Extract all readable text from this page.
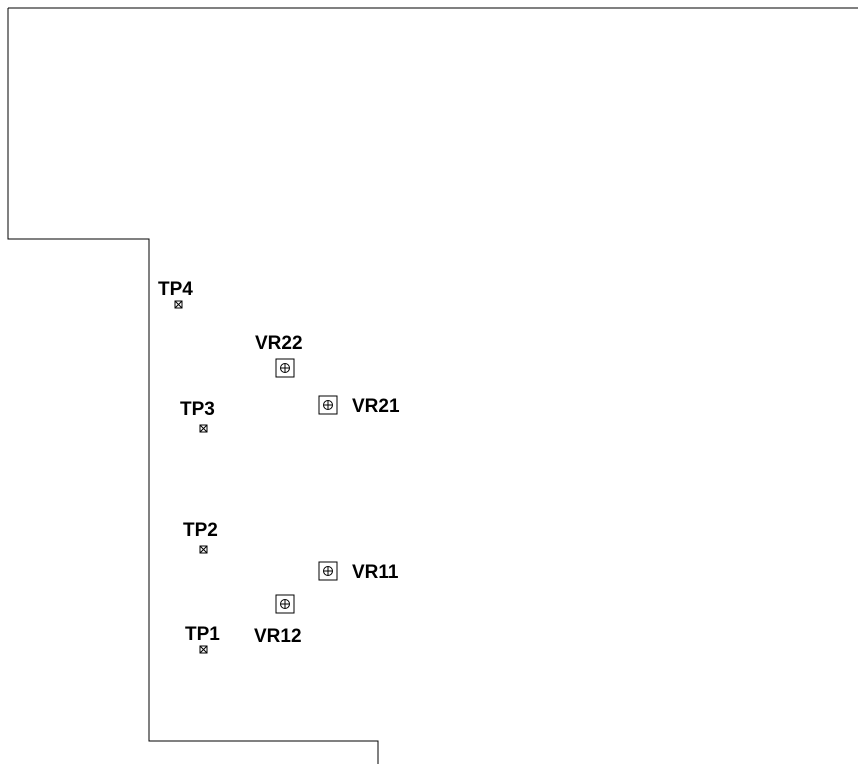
TP4
VR22
TP3	VR21
TP2
VR11
VR12
TP1
